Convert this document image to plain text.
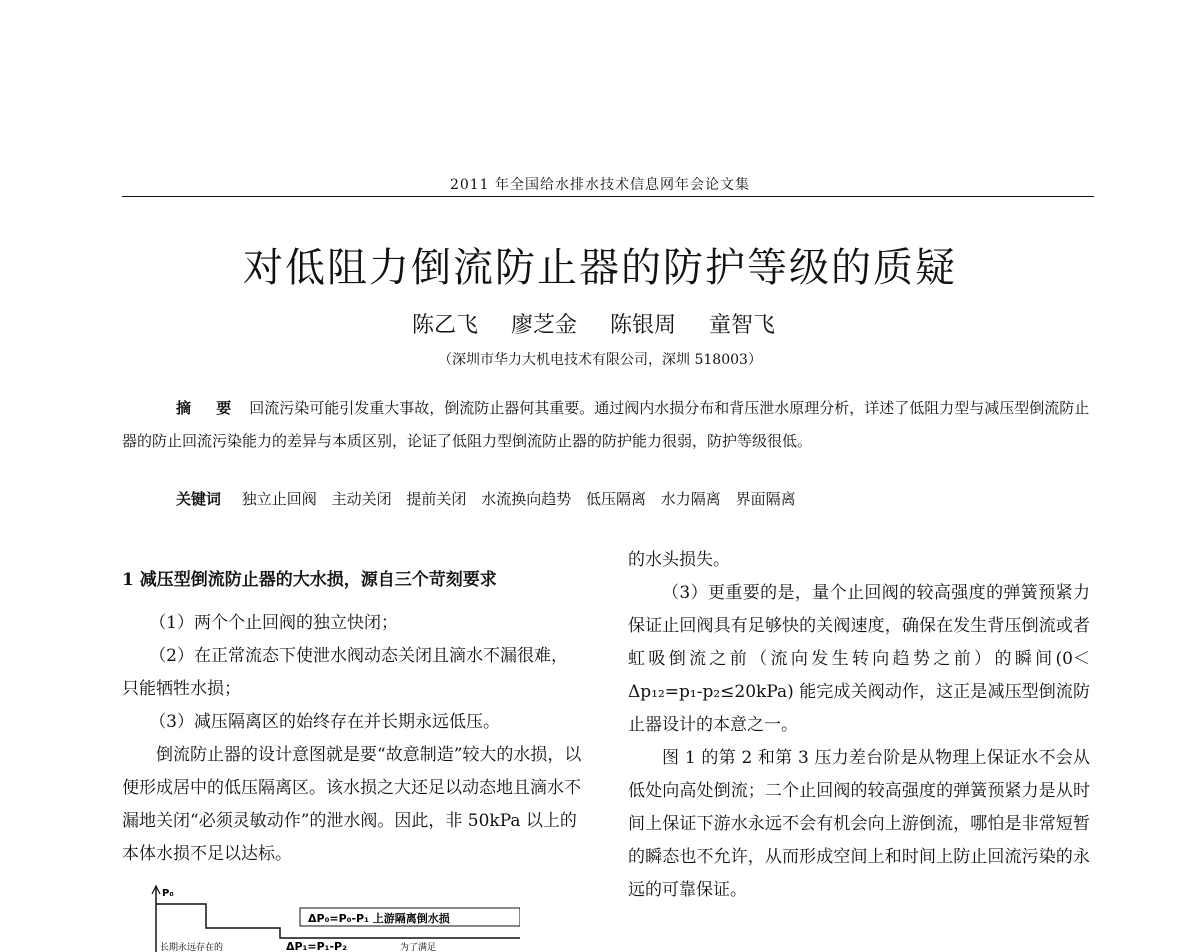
2011 年全国给水排水技术信息网年会论文集
对低阻力倒流防止器的防护等级的质疑
陈乙飞 廖芝金 陈银周 童智飞
（深圳市华力大机电技术有限公司，深圳 518003）
摘 要 回流污染可能引发重大事故，倒流防止器何其重要。通过阀内水损分布和背压泄水原理分析，详述了低阻力型与减压型倒流防止器的防止回流污染能力的差异与本质区别，论证了低阻力型倒流防止器的防护能力很弱，防护等级很低。
关键词 独立止回阀 主动关闭 提前关闭 水流换向趋势 低压隔离 水力隔离 界面隔离
1 减压型倒流防止器的大水损，源自三个苛刻要求

（1）两个个止回阀的独立快闭；

（2）在正常流态下使泄水阀动态关闭且滴水不漏很难，只能牺牲水损；

（3）减压隔离区的始终存在并长期永远低压。

倒流防止器的设计意图就是要“故意制造”较大的水损，以便形成居中的低压隔离区。该水损之大还足以动态地且滴水不漏地关闭“必须灵敏动作”的泄水阀。因此，非 50kPa 以上的本体水损不足以达标。

P₀
ΔP₀=P₀-P₁ 上游隔离倒水损
长期永远存在的	ΔP₁=P₁-P₂	为了满足

的水头损失。

（3）更重要的是，量个止回阀的较高强度的弹簧预紧力保证止回阀具有足够快的关阀速度，确保在发生背压倒流或者虹吸倒流之前（流向发生转向趋势之前）的瞬间(0＜Δp₁₂=p₁-p₂≤20kPa) 能完成关阀动作，这正是减压型倒流防止器设计的本意之一。

图 1 的第 2 和第 3 压力差台阶是从物理上保证水不会从低处向高处倒流；二个止回阀的较高强度的弹簧预紧力是从时间上保证下游水永远不会有机会向上游倒流，哪怕是非常短暂的瞬态也不允许，从而形成空间上和时间上防止回流污染的永远的可靠保证。
